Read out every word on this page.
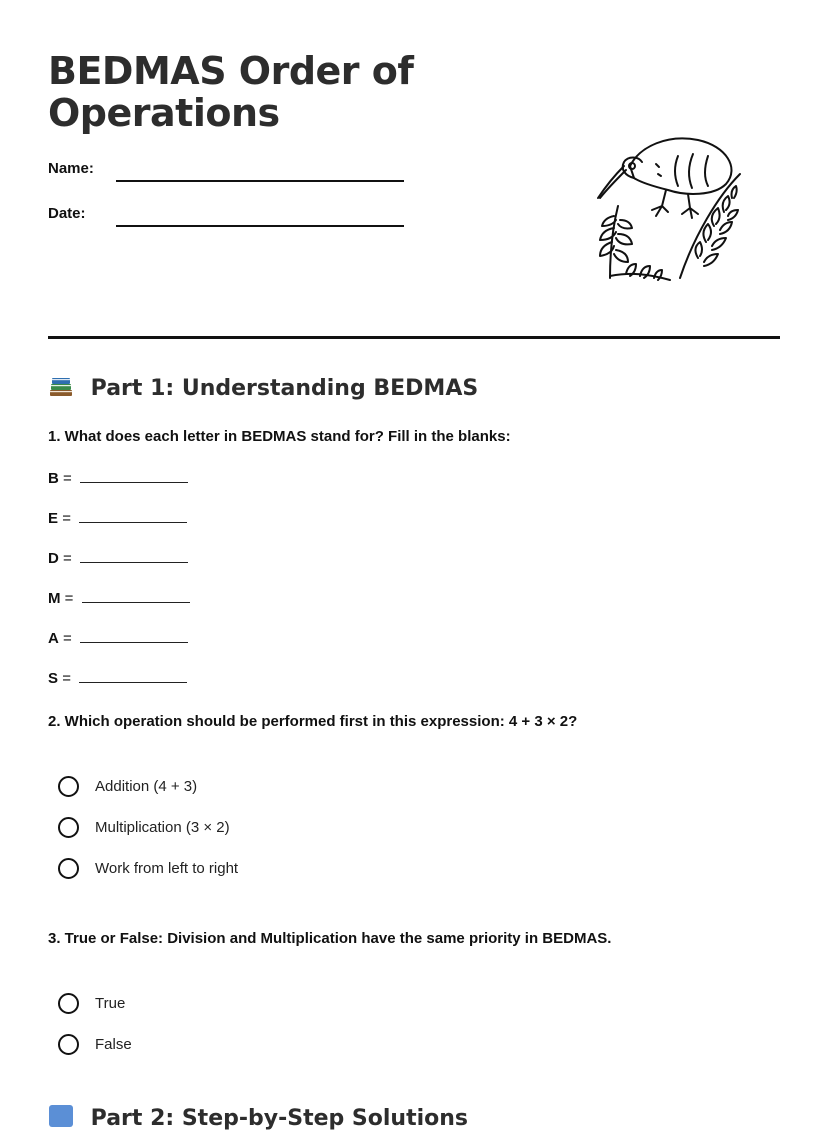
BEDMAS Order of
Operations
Name:
Date:
Part 1: Understanding BEDMAS

1. What does each letter in BEDMAS stand for? Fill in the blanks:

B =
E =
D =
M =
A =
S =

2. Which operation should be performed first in this expression: 4 + 3 × 2?

Addition (4 + 3)
Multiplication (3 × 2)
Work from left to right

3. True or False: Division and Multiplication have the same priority in BEDMAS.

True
False
Part 2: Step-by-Step Solutions
